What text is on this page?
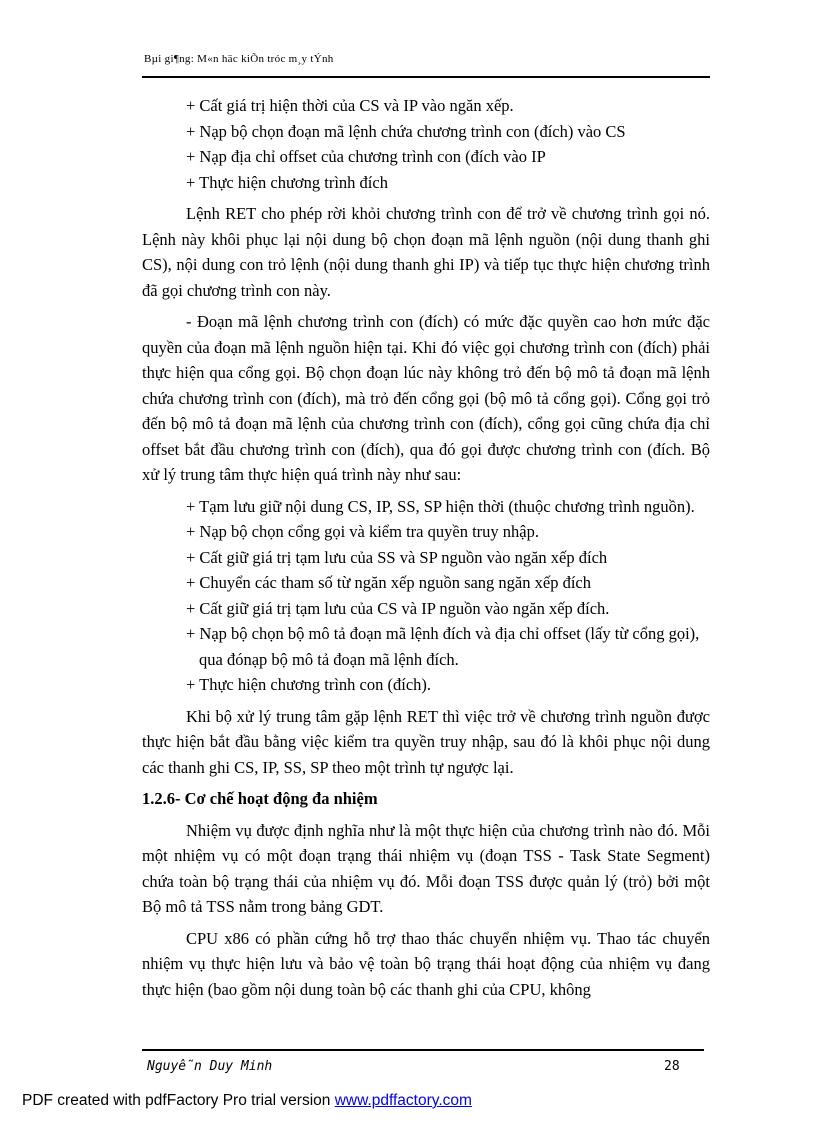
Bµi gi¶ng: M«n häc kiÕn tróc m¸y tÝnh

+ Cất giá trị hiện thời của CS và IP vào ngăn xếp.

+ Nạp bộ chọn đoạn mã lệnh chứa chương trình con (đích) vào CS

+ Nạp địa chỉ offset của chương trình con (đích vào IP

+ Thực hiện chương trình đích

Lệnh RET cho phép rời khỏi chương trình con để trở về chương trình gọi nó. Lệnh này khôi phục lại nội dung bộ chọn đoạn mã lệnh nguồn (nội dung thanh ghi CS), nội dung con trỏ lệnh (nội dung thanh ghi IP) và tiếp tục thực hiện chương trình đã gọi chương trình con này.

- Đoạn mã lệnh chương trình con (đích) có mức đặc quyền cao hơn mức đặc quyền của đoạn mã lệnh nguồn hiện tại. Khi đó việc gọi chương trình con (đích) phải thực hiện qua cổng gọi. Bộ chọn đoạn lúc này không trỏ đến bộ mô tả đoạn mã lệnh chứa chương trình con (đích), mà trỏ đến cổng gọi (bộ mô tả cổng gọi). Cổng gọi trỏ đến bộ mô tả đoạn mã lệnh của chương trình con (đích), cổng gọi cũng chứa địa chỉ offset bắt đầu chương trình con (đích), qua đó gọi được chương trình con (đích. Bộ xử lý trung tâm thực hiện quá trình này như sau:

+ Tạm lưu giữ nội dung CS, IP, SS, SP hiện thời (thuộc chương trình nguồn).

+ Nạp bộ chọn cổng gọi và kiểm tra quyền truy nhập.

+ Cất giữ giá trị tạm lưu của SS và SP nguồn vào ngăn xếp đích

+ Chuyển các tham số từ ngăn xếp nguồn sang ngăn xếp đích

+ Cất giữ giá trị tạm lưu của CS và IP nguồn vào ngăn xếp đích.

+ Nạp bộ chọn bộ mô tả đoạn mã lệnh đích và địa chỉ offset (lấy từ cổng gọi), qua đónạp bộ mô tả đoạn mã lệnh đích.

+ Thực hiện chương trình con (đích).

Khi bộ xử lý trung tâm gặp lệnh RET thì việc trở về chương trình nguồn được thực hiện bắt đầu bằng việc kiểm tra quyền truy nhập, sau đó là khôi phục nội dung các thanh ghi CS, IP, SS, SP theo một trình tự ngược lại.

1.2.6- Cơ chế hoạt động đa nhiệm

Nhiệm vụ được định nghĩa như là một thực hiện của chương trình nào đó. Mỗi một nhiệm vụ có một đoạn trạng thái nhiệm vụ (đoạn TSS - Task State Segment) chứa toàn bộ trạng thái của nhiệm vụ đó. Mỗi đoạn TSS được quản lý (trỏ) bởi một Bộ mô tả TSS nằm trong bảng GDT.

CPU x86 có phần cứng hỗ trợ thao thác chuyển nhiệm vụ. Thao tác chuyển nhiệm vụ thực hiện lưu và bảo vệ toàn bộ trạng thái hoạt động của nhiệm vụ đang thực hiện (bao gồm nội dung toàn bộ các thanh ghi của CPU, không

Nguyễn Duy Minh	28
PDF created with pdfFactory Pro trial version www.pdffactory.com
